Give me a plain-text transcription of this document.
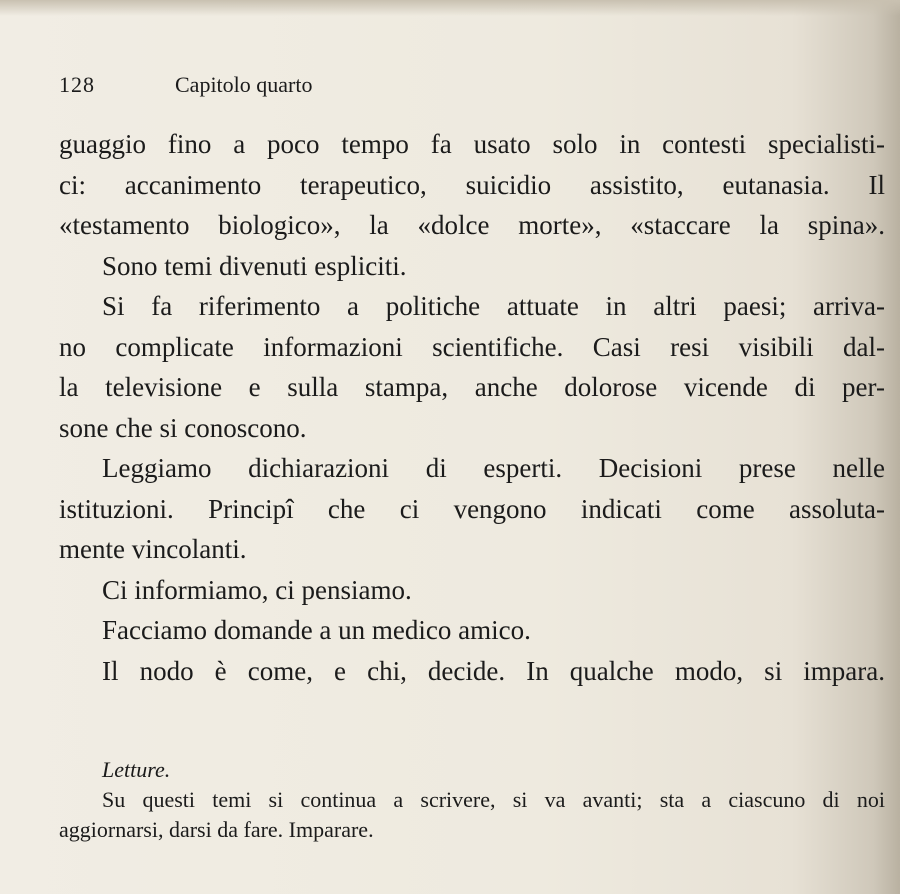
128	Capitolo quarto
guaggio fino a poco tempo fa usato solo in contesti specialisti-
ci: accanimento terapeutico, suicidio assistito, eutanasia. Il
«testamento biologico», la «dolce morte», «staccare la spina».
Sono temi divenuti espliciti.
Si fa riferimento a politiche attuate in altri paesi; arriva-
no complicate informazioni scientifiche. Casi resi visibili dal-
la televisione e sulla stampa, anche dolorose vicende di per-
sone che si conoscono.
Leggiamo dichiarazioni di esperti. Decisioni prese nelle
istituzioni. Principî che ci vengono indicati come assoluta-
mente vincolanti.
Ci informiamo, ci pensiamo.
Facciamo domande a un medico amico.
Il nodo è come, e chi, decide. In qualche modo, si impara.
Letture.
Su questi temi si continua a scrivere, si va avanti; sta a ciascuno di noi
aggiornarsi, darsi da fare. Imparare.
